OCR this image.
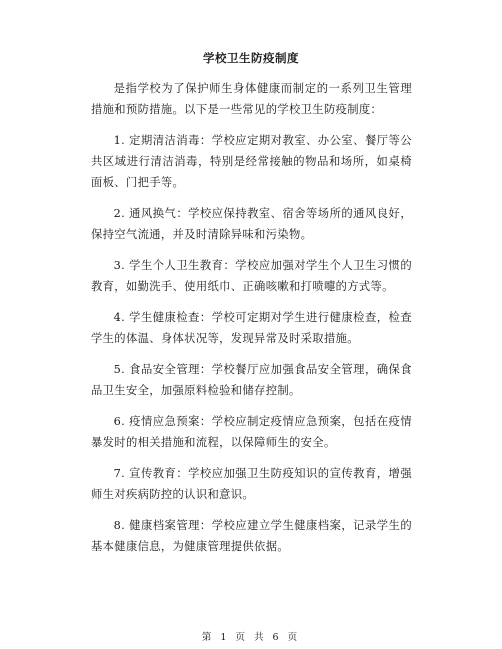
学校卫生防疫制度

是指学校为了保护师生身体健康而制定的一系列卫生管理措施和预防措施。以下是一些常见的学校卫生防疫制度：

1. 定期清洁消毒：学校应定期对教室、办公室、餐厅等公共区域进行清洁消毒，特别是经常接触的物品和场所，如桌椅面板、门把手等。

2. 通风换气：学校应保持教室、宿舍等场所的通风良好，保持空气流通，并及时清除异味和污染物。

3. 学生个人卫生教育：学校应加强对学生个人卫生习惯的教育，如勤洗手、使用纸巾、正确咳嗽和打喷嚏的方式等。

4. 学生健康检查：学校可定期对学生进行健康检查，检查学生的体温、身体状况等，发现异常及时采取措施。

5. 食品安全管理：学校餐厅应加强食品安全管理，确保食品卫生安全，加强原料检验和储存控制。

6. 疫情应急预案：学校应制定疫情应急预案，包括在疫情暴发时的相关措施和流程，以保障师生的安全。

7. 宣传教育：学校应加强卫生防疫知识的宣传教育，增强师生对疾病防控的认识和意识。

8. 健康档案管理：学校应建立学生健康档案，记录学生的基本健康信息，为健康管理提供依据。

第 1 页 共 6 页
